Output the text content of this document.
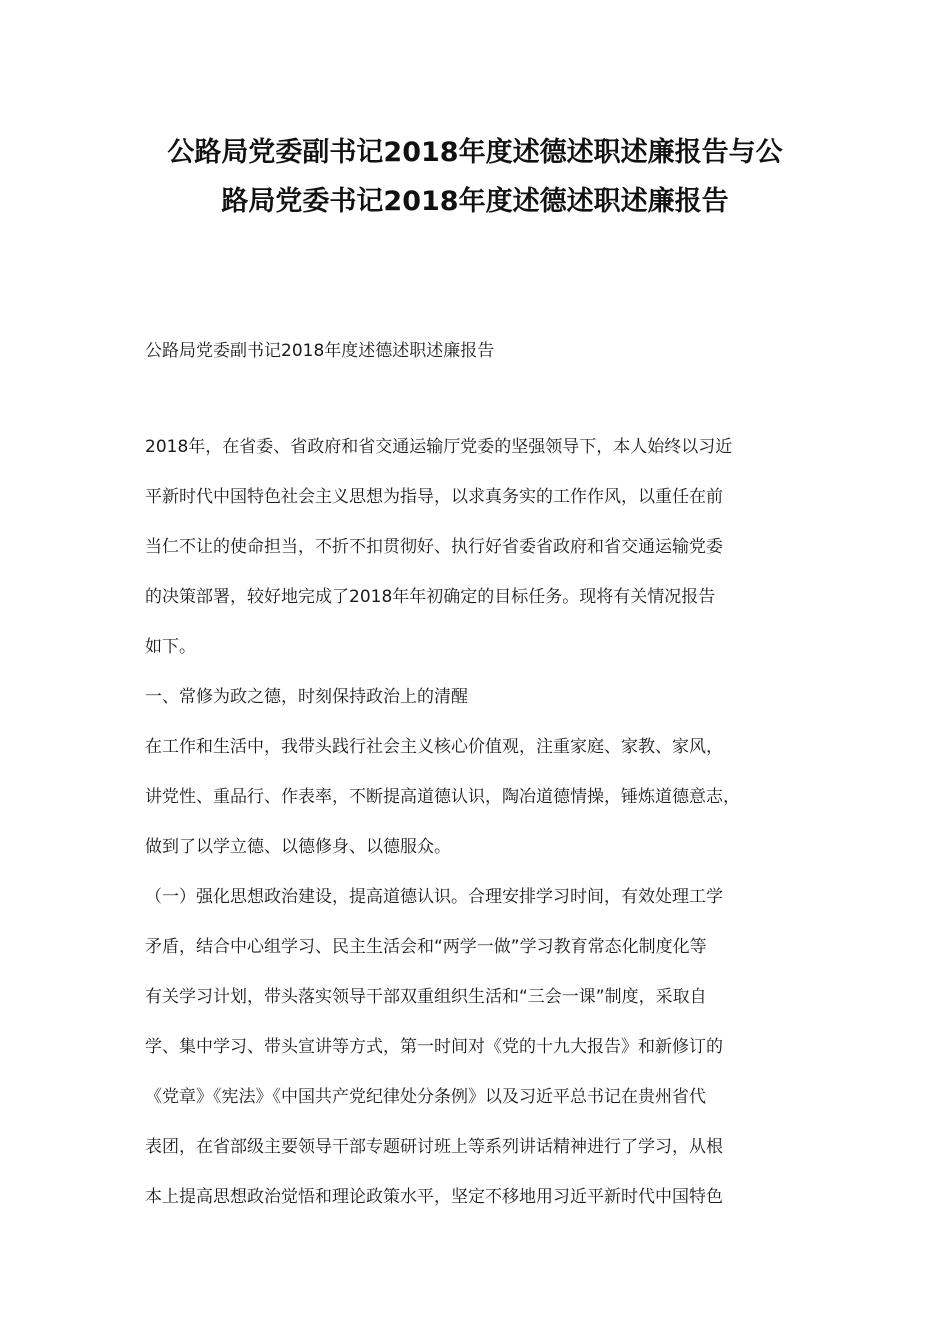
公路局党委副书记2018年度述德述职述廉报告与公
路局党委书记2018年度述德述职述廉报告

公路局党委副书记2018年度述德述职述廉报告

2018年，在省委、省政府和省交通运输厅党委的坚强领导下，本人始终以习近
平新时代中国特色社会主义思想为指导，以求真务实的工作作风，以重任在前
当仁不让的使命担当，不折不扣贯彻好、执行好省委省政府和省交通运输党委
的决策部署，较好地完成了2018年年初确定的目标任务。现将有关情况报告
如下。
一、常修为政之德，时刻保持政治上的清醒
在工作和生活中，我带头践行社会主义核心价值观，注重家庭、家教、家风，
讲党性、重品行、作表率，不断提高道德认识，陶冶道德情操，锤炼道德意志，
做到了以学立德、以德修身、以德服众。
（一）强化思想政治建设，提高道德认识。合理安排学习时间，有效处理工学
矛盾，结合中心组学习、民主生活会和“两学一做”学习教育常态化制度化等
有关学习计划，带头落实领导干部双重组织生活和“三会一课”制度，采取自
学、集中学习、带头宣讲等方式，第一时间对《党的十九大报告》和新修订的
《党章》《宪法》《中国共产党纪律处分条例》以及习近平总书记在贵州省代
表团，在省部级主要领导干部专题研讨班上等系列讲话精神进行了学习，从根
本上提高思想政治觉悟和理论政策水平，坚定不移地用习近平新时代中国特色
